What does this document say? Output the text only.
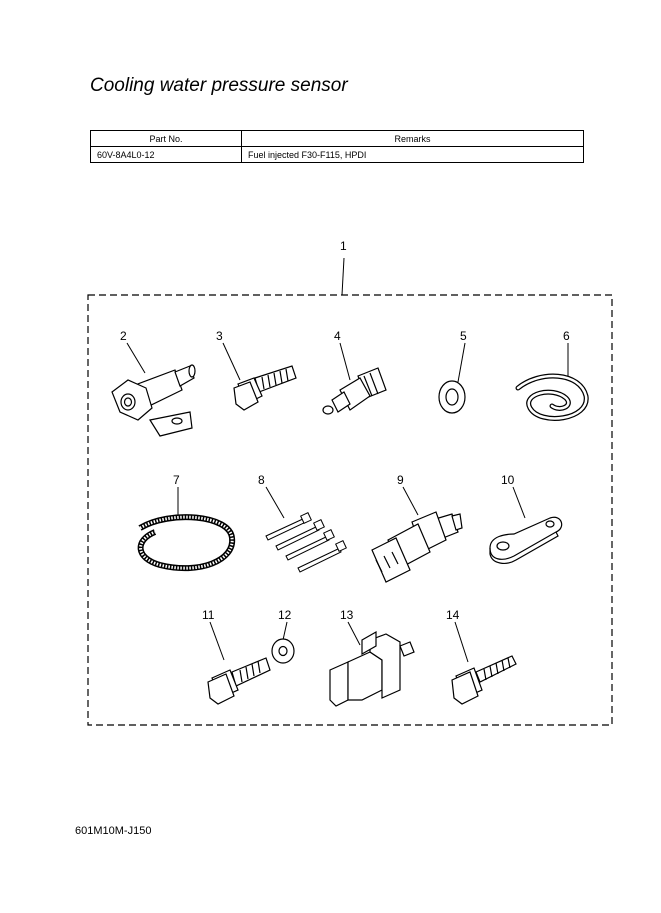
Cooling water pressure sensor
Part No.	Remarks
60V-8A4L0-12	Fuel injected F30-F115, HPDI
1
2	3	4	5	6
7	8	9	10
11	12	13	14
601M10M-J150
